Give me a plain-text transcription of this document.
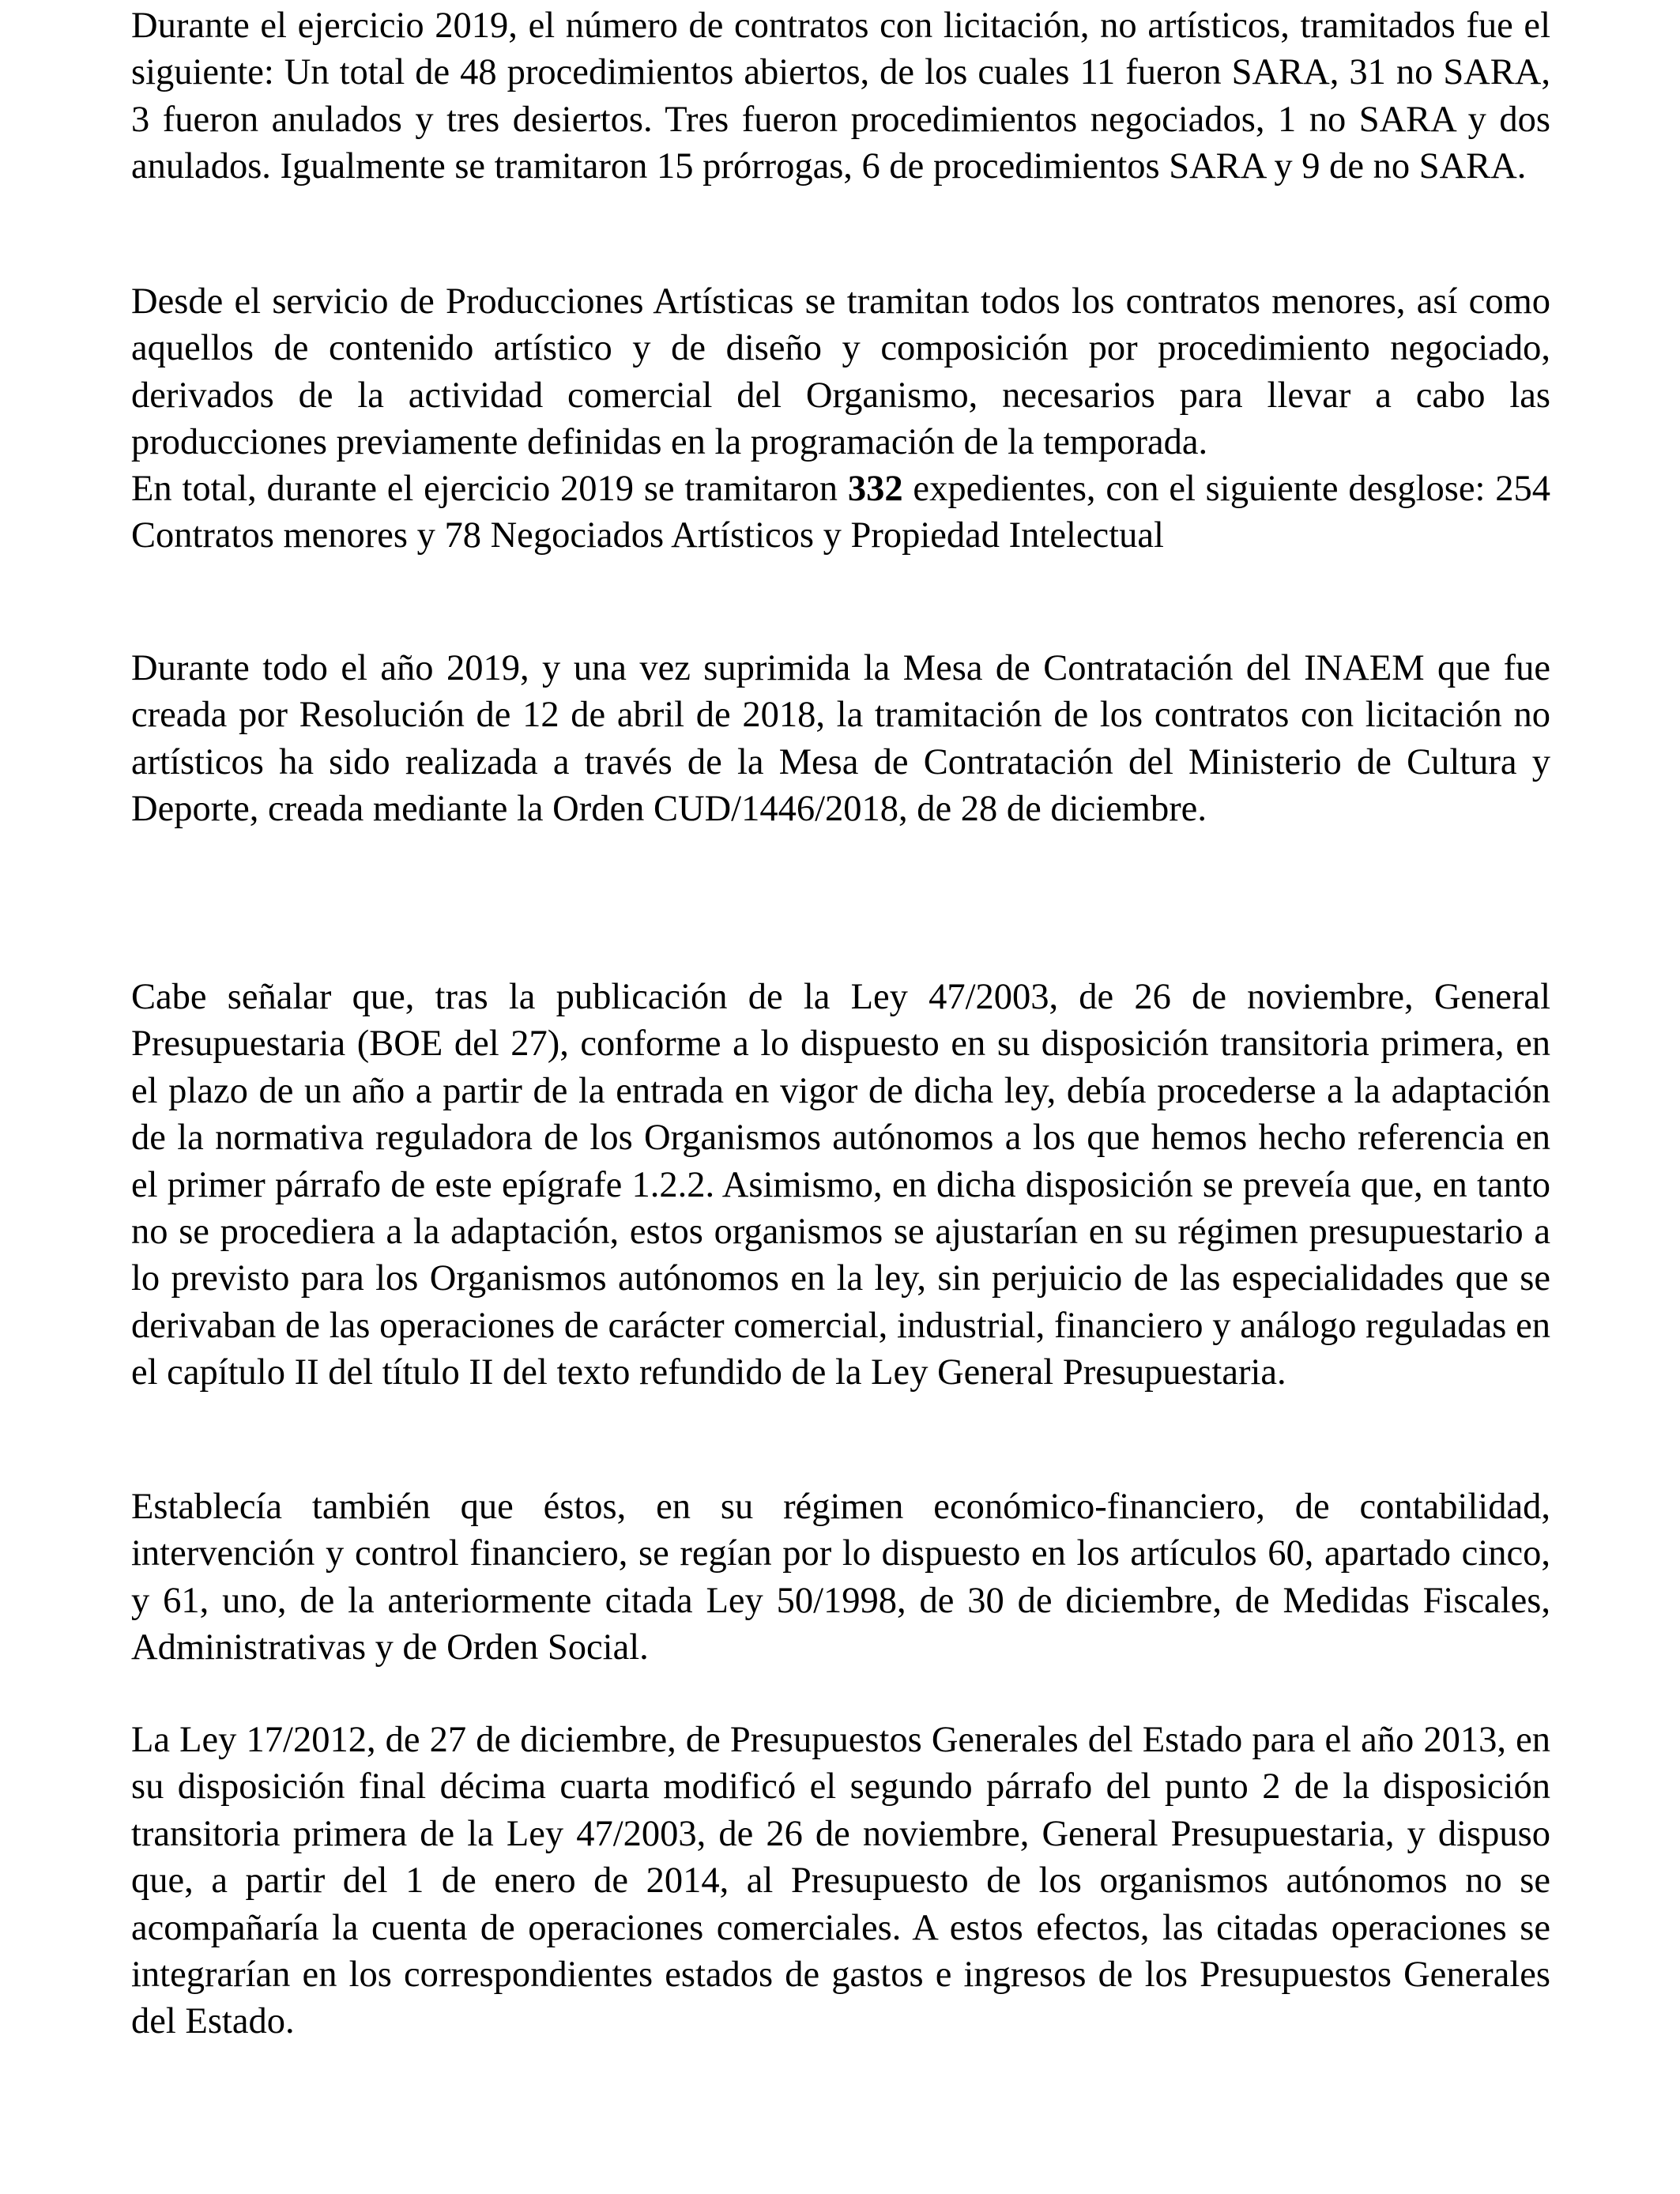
Durante el ejercicio 2019, el número de contratos con licitación, no artísticos, tramitados fue el siguiente: Un total de 48 procedimientos abiertos, de los cuales 11 fueron SARA, 31 no SARA, 3 fueron anulados y tres desiertos. Tres fueron procedimientos negociados, 1 no SARA y dos anulados. Igualmente se tramitaron 15 prórrogas, 6 de procedimientos SARA y 9 de no SARA.

Desde el servicio de Producciones Artísticas se tramitan todos los contratos menores, así como aquellos de contenido artístico y de diseño y composición por procedimiento negociado, derivados de la actividad comercial del Organismo, necesarios para llevar a cabo las producciones previamente definidas en la programación de la temporada.

En total, durante el ejercicio 2019 se tramitaron 332 expedientes, con el siguiente desglose: 254 Contratos menores y 78 Negociados Artísticos y Propiedad Intelectual

Durante todo el año 2019, y una vez suprimida la Mesa de Contratación del INAEM que fue creada por Resolución de 12 de abril de 2018, la tramitación de los contratos con licitación no artísticos ha sido realizada a través de la Mesa de Contratación del Ministerio de Cultura y Deporte, creada mediante la Orden CUD/1446/2018, de 28 de diciembre.

Cabe señalar que, tras la publicación de la Ley 47/2003, de 26 de noviembre, General Presupuestaria (BOE del 27), conforme a lo dispuesto en su disposición transitoria primera, en el plazo de un año a partir de la entrada en vigor de dicha ley, debía procederse a la adaptación de la normativa reguladora de los Organismos autónomos a los que hemos hecho referencia en el primer párrafo de este epígrafe 1.2.2. Asimismo, en dicha disposición se preveía que, en tanto no se procediera a la adaptación, estos organismos se ajustarían en su régimen presupuestario a lo previsto para los Organismos autónomos en la ley, sin perjuicio de las especialidades que se derivaban de las operaciones de carácter comercial, industrial, financiero y análogo reguladas en el capítulo II del título II del texto refundido de la Ley General Presupuestaria.

Establecía también que éstos, en su régimen económico-financiero, de contabilidad, intervención y control financiero, se regían por lo dispuesto en los artículos 60, apartado cinco, y 61, uno, de la anteriormente citada Ley 50/1998, de 30 de diciembre, de Medidas Fiscales, Administrativas y de Orden Social.

La Ley 17/2012, de 27 de diciembre, de Presupuestos Generales del Estado para el año 2013, en su disposición final décima cuarta modificó el segundo párrafo del punto 2 de la disposición transitoria primera de la Ley 47/2003, de 26 de noviembre, General Presupuestaria, y dispuso que, a partir del 1 de enero de 2014, al Presupuesto de los organismos autónomos no se acompañaría la cuenta de operaciones comerciales. A estos efectos, las citadas operaciones se integrarían en los correspondientes estados de gastos e ingresos de los Presupuestos Generales del Estado.
